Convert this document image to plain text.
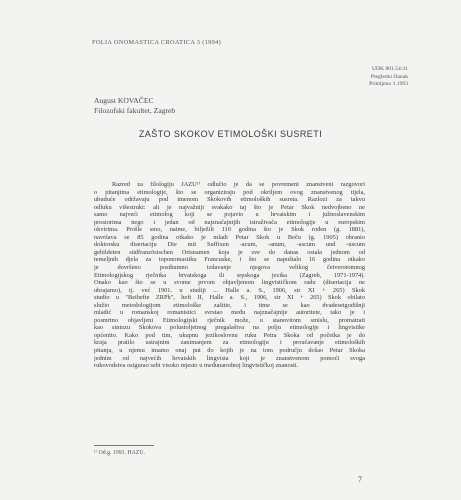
FOLIA ONOMASTICA CROATICA 3 (1994)
UDK 801.54:31
Pregledni članak
Primljeno 1.1993
August KOVAČEC
Filozofski fakultet, Zagreb
ZAŠTO SKOKOV ETIMOLOŠKI SUSRETI
Razred za filologiju JAZU¹⁾ odlučio je da se povremeni znanstveni razgovori
o pitanjima etimologije, što se organiziraju pod okriljem ovog znanstvenog tijela,
ubuduće održavaju pod imenom Skokovih etimoloških susreta. Razlozi za takvu
odluku višestruki: ali je najvažniji svakako taj što je Petar Skok nedvojbeno ne
samo najveći etimolog koji se pojavio u hrvatskim i južnoslavenskim
prostorima nego i jedan od najznačajnijih istraživača etimologije u europskim
okvirima. Prošle smo, naime, bilježili 110 godina što je Skok rođen (g. 1881),
navršava se 85 godina otkako je mladi Petar Skok u Beču (g. 1905) obranio
doktorsku disertaciju Die mit Suffixen -acum, -anum, -ascum und -uscum
gebildeten südfranzösischen Ortsnamen koja je sve do danas ostala jednom od
temeljnih djela za toponomastiku Francuske, i što se napuštalo 16 godina otkako
je dovršeno posthumno izdavanje njegova velikog četverotomnog
Etimologijskog rječnika hrvatskoga ili srpskoga jezika (Zagreb, 1971-1974).
Onako kao što se u svome prvom objavljenom lingvističkom radu (disertacija ne
ubrajamo), tj. već 1901. u studiji ... Halle a. S., 1906, str XI + 265) Skok
studio u "Beihefte ZRPh", heft II, Halle a. S., 1906, str XI + 265) Skok obilato
služio metodologijom etimološke zaštite, i time se kao dvadesetgodišnji
mladić u romanskoj romanistici svrstao među najznačajnije autoritete, tako je i
posmrtno objavljeni Etimologijski rječnik može, u stanovitom smislu, promatrati
kao sintezu Skokova polustoljetnog pregalaštva na polju etimologije i lingvistike
općenito. Kako pod tim, ukupnu jezikoslovnu ruku Petra Skoka od početka je do
kraja pratilo ustrajnim zanimanjem za etimologiju i proučavanje etimoloških
pitanja, u njemu imamo onaj put do kojih je na tom području došao Petar Skoka
jednim od najvećih hrvatskih lingvista koji je znanstvenom pomoći svoga
rukovodstva osigurao sebi visoko mjesto u međunarodnoj lingvističkoj znanosti.
¹⁾ Od g. 1991. HAZU.
7
